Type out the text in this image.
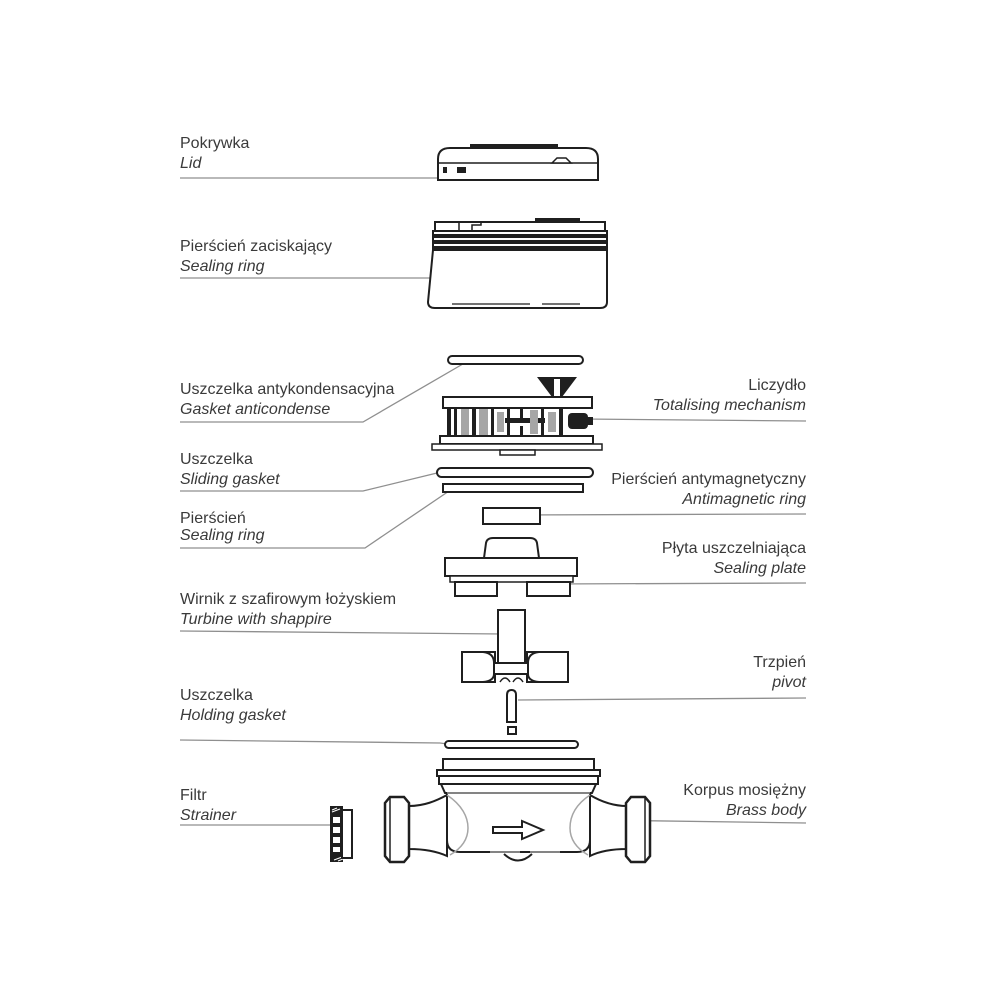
Pokrywka
Lid
Pierścień zaciskający
Sealing ring
Uszczelka antykondensacyjna
Gasket anticondense
Liczydło
Totalising mechanism
Uszczelka
Sliding gasket	Pierścień antymagnetyczny
Antimagnetic ring
Pierścień
Sealing ring
Płyta uszczelniająca
Sealing plate
Wirnik z szafirowym łożyskiem
Turbine with shappire
Trzpień
pivot
Uszczelka
Holding gasket
Filtr
Strainer
Korpus mosiężny
Brass body
